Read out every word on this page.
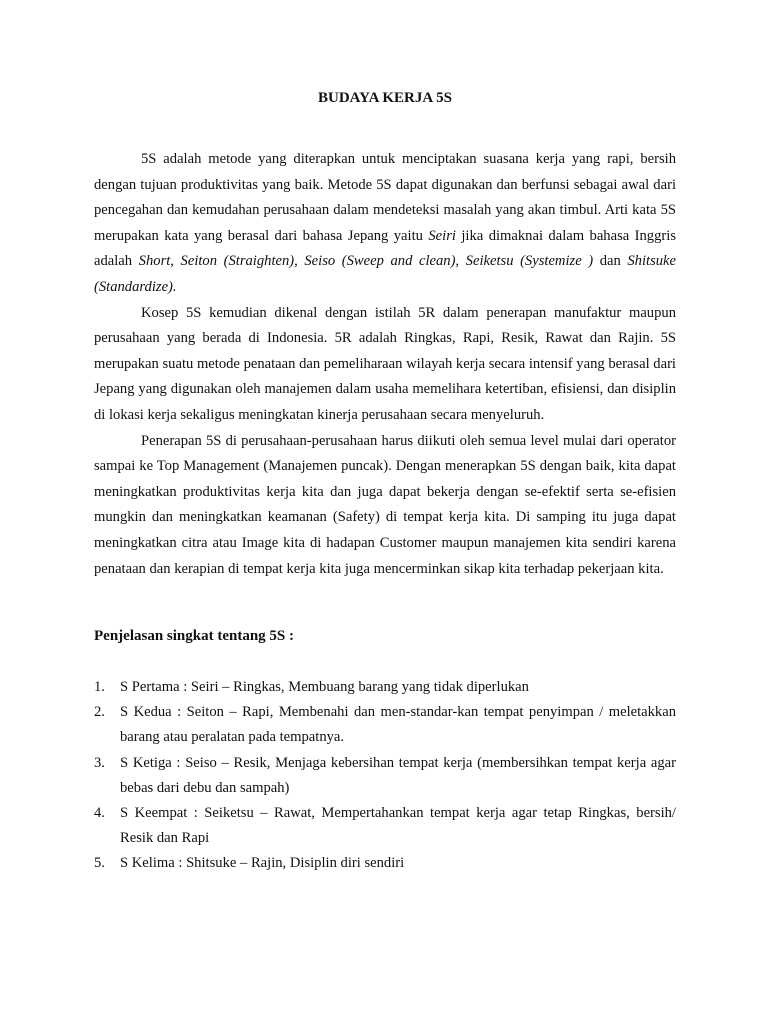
BUDAYA KERJA 5S

5S adalah metode yang diterapkan untuk menciptakan suasana kerja yang rapi, bersih dengan tujuan produktivitas yang baik. Metode 5S dapat digunakan dan berfunsi sebagai awal dari pencegahan dan kemudahan perusahaan dalam mendeteksi masalah yang akan timbul. Arti kata 5S merupakan kata yang berasal dari bahasa Jepang yaitu Seiri jika dimaknai dalam bahasa Inggris adalah Short, Seiton (Straighten), Seiso (Sweep and clean), Seiketsu (Systemize ) dan Shitsuke (Standardize).

Kosep 5S kemudian dikenal dengan istilah 5R dalam penerapan manufaktur maupun perusahaan yang berada di Indonesia. 5R adalah Ringkas, Rapi, Resik, Rawat dan Rajin. 5S merupakan suatu metode penataan dan pemeliharaan wilayah kerja secara intensif yang berasal dari Jepang yang digunakan oleh manajemen dalam usaha memelihara ketertiban, efisiensi, dan disiplin di lokasi kerja sekaligus meningkatan kinerja perusahaan secara menyeluruh.

Penerapan 5S di perusahaan-perusahaan harus diikuti oleh semua level mulai dari operator sampai ke Top Management (Manajemen puncak). Dengan menerapkan 5S dengan baik, kita dapat meningkatkan produktivitas kerja kita dan juga dapat bekerja dengan se-efektif serta se-efisien mungkin dan meningkatkan keamanan (Safety) di tempat kerja kita. Di samping itu juga dapat meningkatkan citra atau Image kita di hadapan Customer maupun manajemen kita sendiri karena penataan dan kerapian di tempat kerja kita juga mencerminkan sikap kita terhadap pekerjaan kita.

Penjelasan singkat tentang 5S :
1. S Pertama : Seiri – Ringkas, Membuang barang yang tidak diperlukan
2. S Kedua : Seiton – Rapi, Membenahi dan men-standar-kan tempat penyimpan / meletakkan barang atau peralatan pada tempatnya.
3. S Ketiga : Seiso – Resik, Menjaga kebersihan tempat kerja (membersihkan tempat kerja agar bebas dari debu dan sampah)
4. S Keempat : Seiketsu – Rawat, Mempertahankan tempat kerja agar tetap Ringkas, bersih/ Resik dan Rapi
5. S Kelima : Shitsuke – Rajin, Disiplin diri sendiri
